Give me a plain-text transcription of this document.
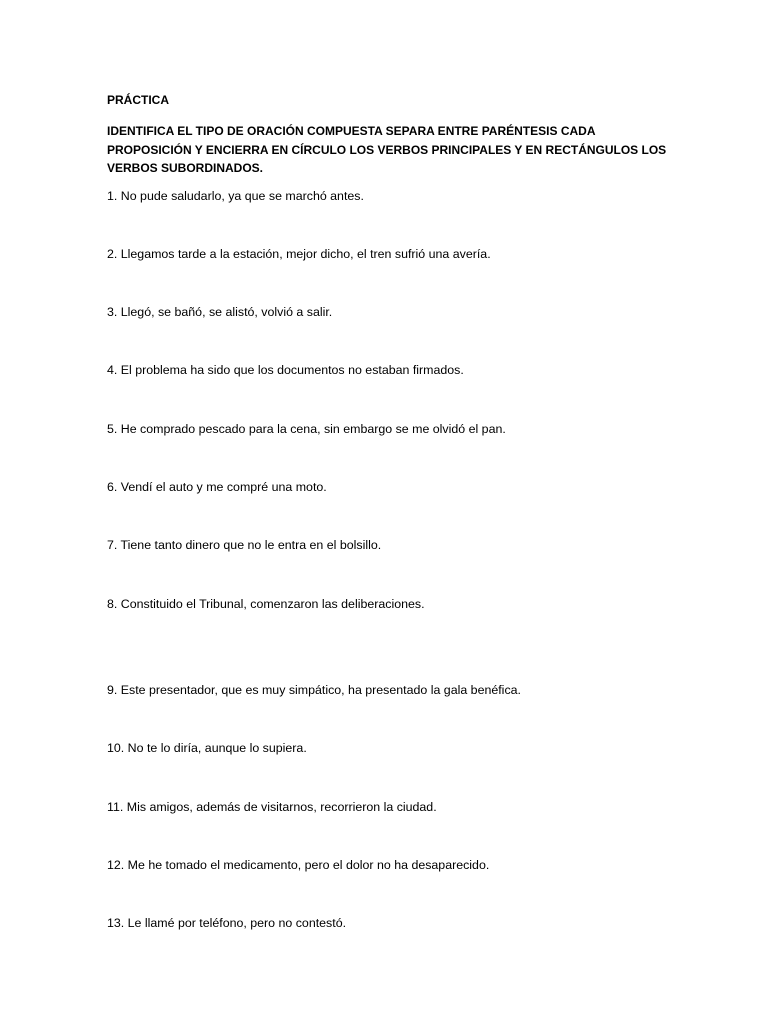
PRÁCTICA

IDENTIFICA EL TIPO DE ORACIÓN COMPUESTA SEPARA ENTRE PARÉNTESIS CADA PROPOSICIÓN Y ENCIERRA EN CÍRCULO LOS VERBOS PRINCIPALES Y EN RECTÁNGULOS LOS VERBOS SUBORDINADOS.

1. No pude saludarlo, ya que se marchó antes.

2. Llegamos tarde a la estación, mejor dicho, el tren sufrió una avería.

3. Llegó, se bañó, se alistó, volvió a salir.

4. El problema ha sido que los documentos no estaban firmados.

5. He comprado pescado para la cena, sin embargo se me olvidó el pan.

6. Vendí el auto y me compré una moto.

7. Tiene tanto dinero que no le entra en el bolsillo.

8. Constituido el Tribunal, comenzaron las deliberaciones.

9. Este presentador, que es muy simpático, ha presentado la gala benéfica.

10. No te lo diría, aunque lo supiera.

11. Mis amigos, además de visitarnos, recorrieron la ciudad.

12. Me he tomado el medicamento, pero el dolor no ha desaparecido.

13. Le llamé por teléfono, pero no contestó.
